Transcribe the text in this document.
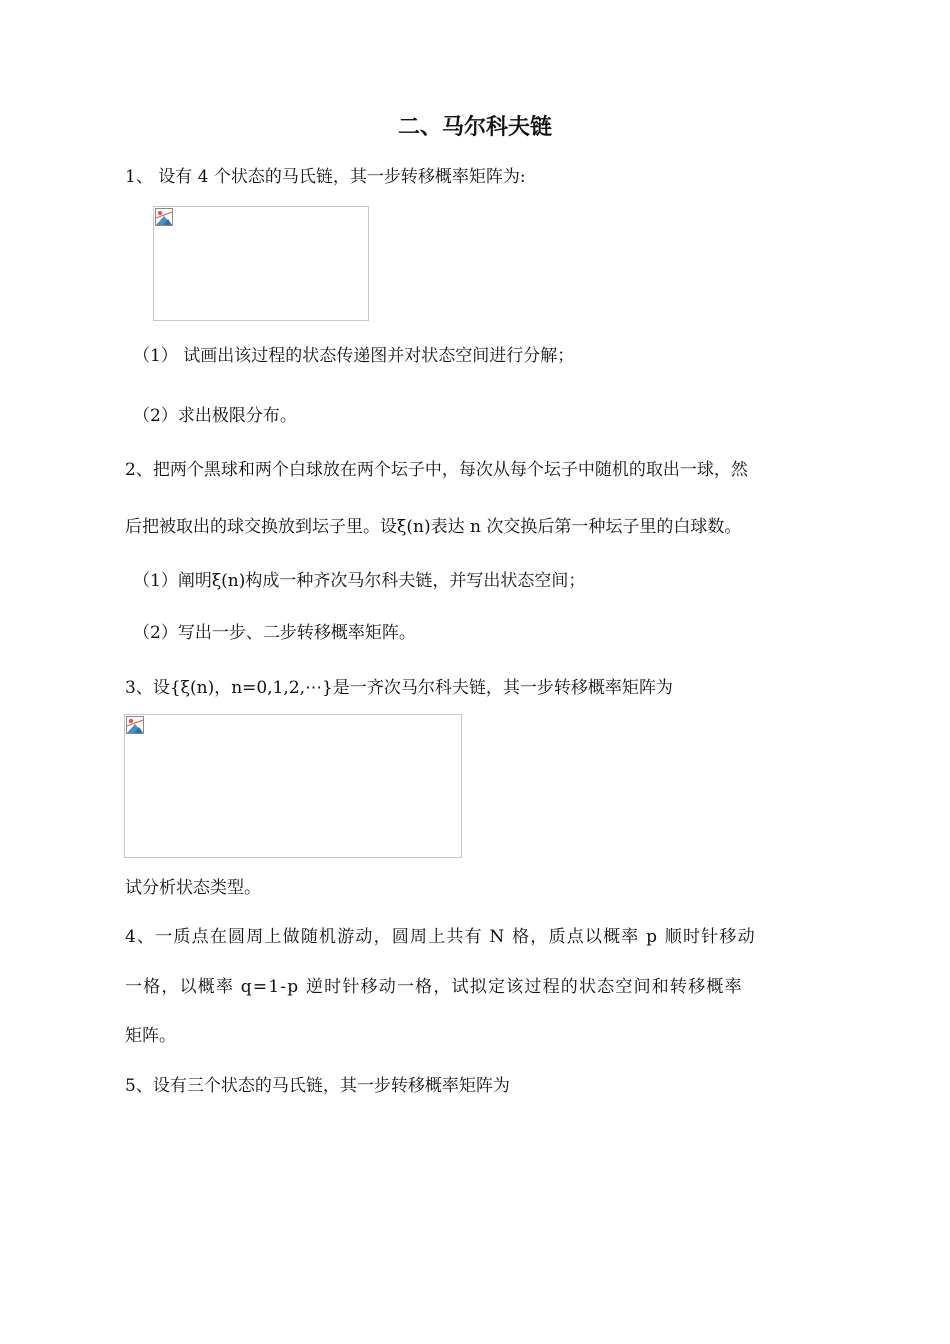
二、马尔科夫链
1、 设有 4 个状态的马氏链，其一步转移概率矩阵为:
（1） 试画出该过程的状态传递图并对状态空间进行分解；
（2）求出极限分布。
2、把两个黑球和两个白球放在两个坛子中，每次从每个坛子中随机的取出一球，然
后把被取出的球交换放到坛子里。设ξ(n)表达 n 次交换后第一种坛子里的白球数。
（1）阐明ξ(n)构成一种齐次马尔科夫链，并写出状态空间；
（2）写出一步、二步转移概率矩阵。
3、设{ξ(n)，n=0,1,2,⋯}是一齐次马尔科夫链，其一步转移概率矩阵为
试分析状态类型。
4、一质点在圆周上做随机游动，圆周上共有 N 格，质点以概率 p 顺时针移动
一格，以概率 q=1-p 逆时针移动一格，试拟定该过程的状态空间和转移概率
矩阵。
5、设有三个状态的马氏链，其一步转移概率矩阵为
